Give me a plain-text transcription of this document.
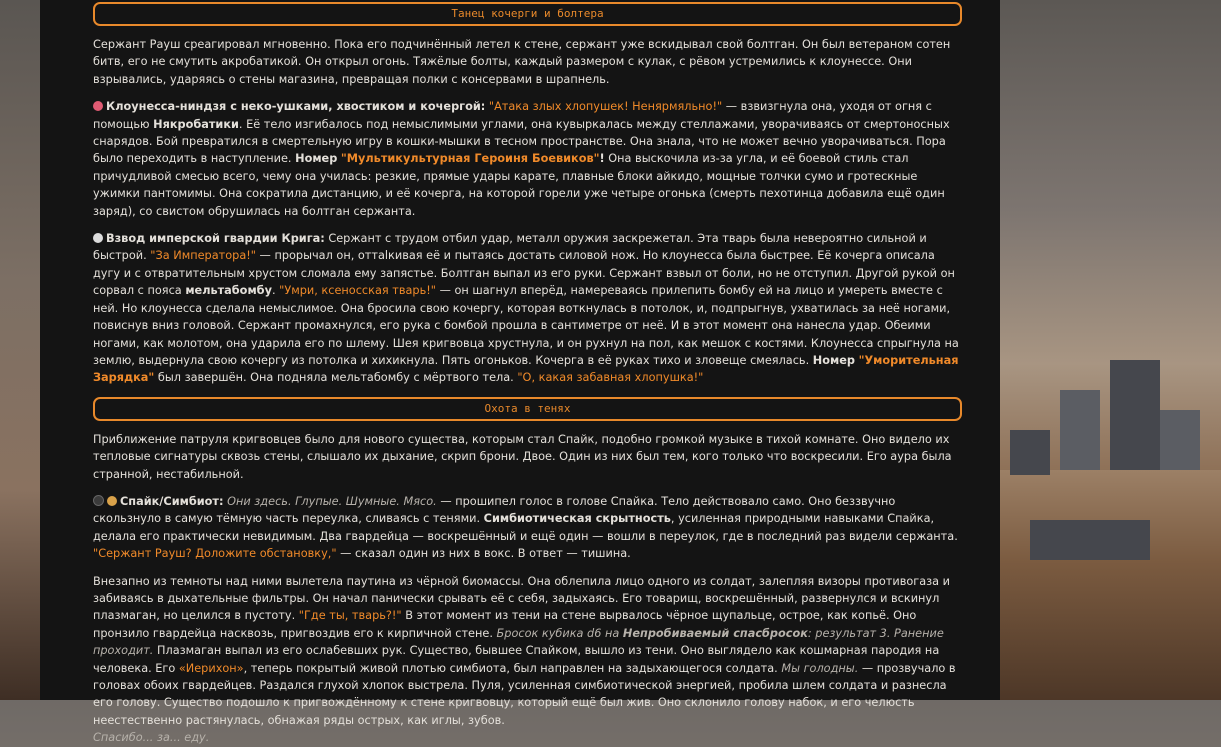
Танец кочерги и болтера
Сержант Рауш среагировал мгновенно. Пока его подчинённый летел к стене, сержант уже вскидывал свой болтган. Он был ветераном сотен битв, его не смутить акробатикой. Он открыл огонь. Тяжёлые болты, каждый размером с кулак, с рёвом устремились к клоунессе. Они взрывались, ударяясь о стены магазина, превращая полки с консервами в шрапнель.
Клоунесса-ниндзя с неко-ушками, хвостиком и кочергой: "Атака злых хлопушек! Ненярмяльно!" — взвизгнула она, уходя от огня с помощью Някробатики. Её тело изгибалось под немыслимыми углами, она кувыркалась между стеллажами, уворачиваясь от смертоносных снарядов. Бой превратился в смертельную игру в кошки-мышки в тесном пространстве. Она знала, что не может вечно уворачиваться. Пора было переходить в наступление. Номер "Мультикультурная Героиня Боевиков"! Она выскочила из-за угла, и её боевой стиль стал причудливой смесью всего, чему она училась: резкие, прямые удары карате, плавные блоки айкидо, мощные толчки сумо и гротескные ужимки пантомимы. Она сократила дистанцию, и её кочерга, на которой горели уже четыре огонька (смерть пехотинца добавила ещё один заряд), со свистом обрушилась на болтган сержанта.
Взвод имперской гвардии Крига: Сержант с трудом отбил удар, металл оружия заскрежетал. Эта тварь была невероятно сильной и быстрой. "За Императора!" — прорычал он, оттalкивая её и пытаясь достать силовой нож. Но клоунесса была быстрее. Её кочерга описала дугу и с отвратительным хрустом сломала ему запястье. Болтган выпал из его руки. Сержант взвыл от боли, но не отступил. Другой рукой он сорвал с пояса мельтабомбу. "Умри, ксеносская тварь!" — он шагнул вперёд, намереваясь прилепить бомбу ей на лицо и умереть вместе с ней. Но клоунесса сделала немыслимое. Она бросила свою кочергу, которая воткнулась в потолок, и, подпрыгнув, ухватилась за неё ногами, повиснув вниз головой. Сержант промахнулся, его рука с бомбой прошла в сантиметре от неё. И в этот момент она нанесла удар. Обеими ногами, как молотом, она ударила его по шлему. Шея кригвовца хрустнула, и он рухнул на пол, как мешок с костями. Клоунесса спрыгнула на землю, выдернула свою кочергу из потолка и хихикнула. Пять огоньков. Кочерга в её руках тихо и зловеще смеялась. Номер "Уморительная Зарядка" был завершён. Она подняла мельтабомбу с мёртвого тела. "О, какая забавная хлопушка!"
Охота в тенях
Приближение патруля кригвовцев было для нового существа, которым стал Спайк, подобно громкой музыке в тихой комнате. Оно видело их тепловые сигнатуры сквозь стены, слышало их дыхание, скрип брони. Двое. Один из них был тем, кого только что воскресили. Его аура была странной, нестабильной.
Спайк/Симбиот: Они здесь. Глупые. Шумные. Мясо. — прошипел голос в голове Спайка. Тело действовало само. Оно беззвучно скользнуло в самую тёмную часть переулка, сливаясь с тенями. Симбиотическая скрытность, усиленная природными навыками Спайка, делала его практически невидимым. Два гвардейца — воскрешённый и ещё один — вошли в переулок, где в последний раз видели сержанта. "Сержант Рауш? Доложите обстановку," — сказал один из них в вокс. В ответ — тишина.
Внезапно из темноты над ними вылетела паутина из чёрной биомассы. Она облепила лицо одного из солдат, залепляя визоры противогаза и забиваясь в дыхательные фильтры. Он начал панически срывать её с себя, задыхаясь. Его товарищ, воскрешённый, развернулся и вскинул плазмаган, но целился в пустоту. "Где ты, тварь?!" В этот момент из тени на стене вырвалось чёрное щупальце, острое, как копьё. Оно пронзило гвардейца насквозь, пригвоздив его к кирпичной стене. Бросок кубика d6 на Непробиваемый спасбросок: результат 3. Ранение проходит. Плазмаган выпал из его ослабевших рук. Существо, бывшее Спайком, вышло из тени. Оно выглядело как кошмарная пародия на человека. Его «Иерихон», теперь покрытый живой плотью симбиота, был направлен на задыхающегося солдата. Мы голодны. — прозвучало в головах обоих гвардейцев. Раздался глухой хлопок выстрела. Пуля, усиленная симбиотической энергией, пробила шлем солдата и разнесла его голову. Существо подошло к пригвождённому к стене кригвовцу, который ещё был жив. Оно склонило голову набок, и его челюсть неестественно растянулась, обнажая ряды острых, как иглы, зубов.
Спасибо... за... еду.
